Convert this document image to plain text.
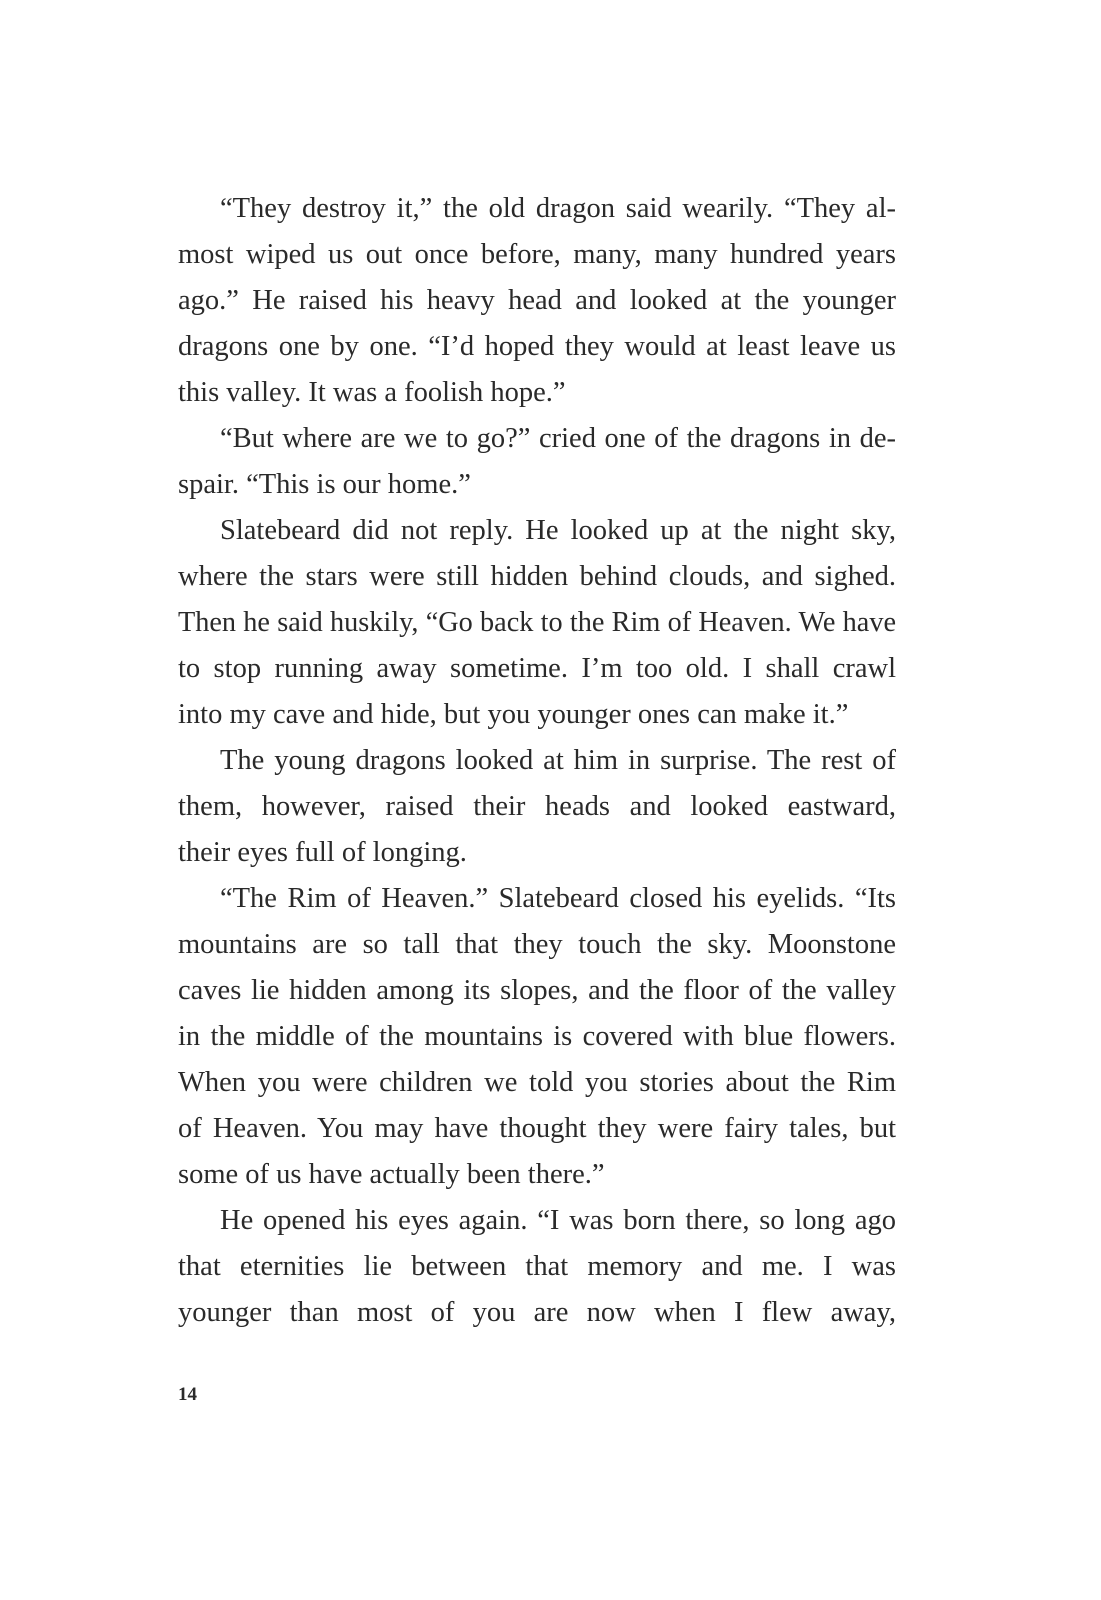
“They destroy it,” the old dragon said wearily. “They al-
most wiped us out once before, many, many hundred years
ago.” He raised his heavy head and looked at the younger
dragons one by one. “I’d hoped they would at least leave us
this valley. It was a foolish hope.”
“But where are we to go?” cried one of the dragons in de-
spair. “This is our home.”
Slatebeard did not reply. He looked up at the night sky,
where the stars were still hidden behind clouds, and sighed.
Then he said huskily, “Go back to the Rim of Heaven. We have
to stop running away sometime. I’m too old. I shall crawl
into my cave and hide, but you younger ones can make it.”
The young dragons looked at him in surprise. The rest of
them, however, raised their heads and looked eastward,
their eyes full of longing.
“The Rim of Heaven.” Slatebeard closed his eyelids. “Its
mountains are so tall that they touch the sky. Moonstone
caves lie hidden among its slopes, and the floor of the valley
in the middle of the mountains is covered with blue flowers.
When you were children we told you stories about the Rim
of Heaven. You may have thought they were fairy tales, but
some of us have actually been there.”
He opened his eyes again. “I was born there, so long ago
that eternities lie between that memory and me. I was
younger than most of you are now when I flew away,
14
